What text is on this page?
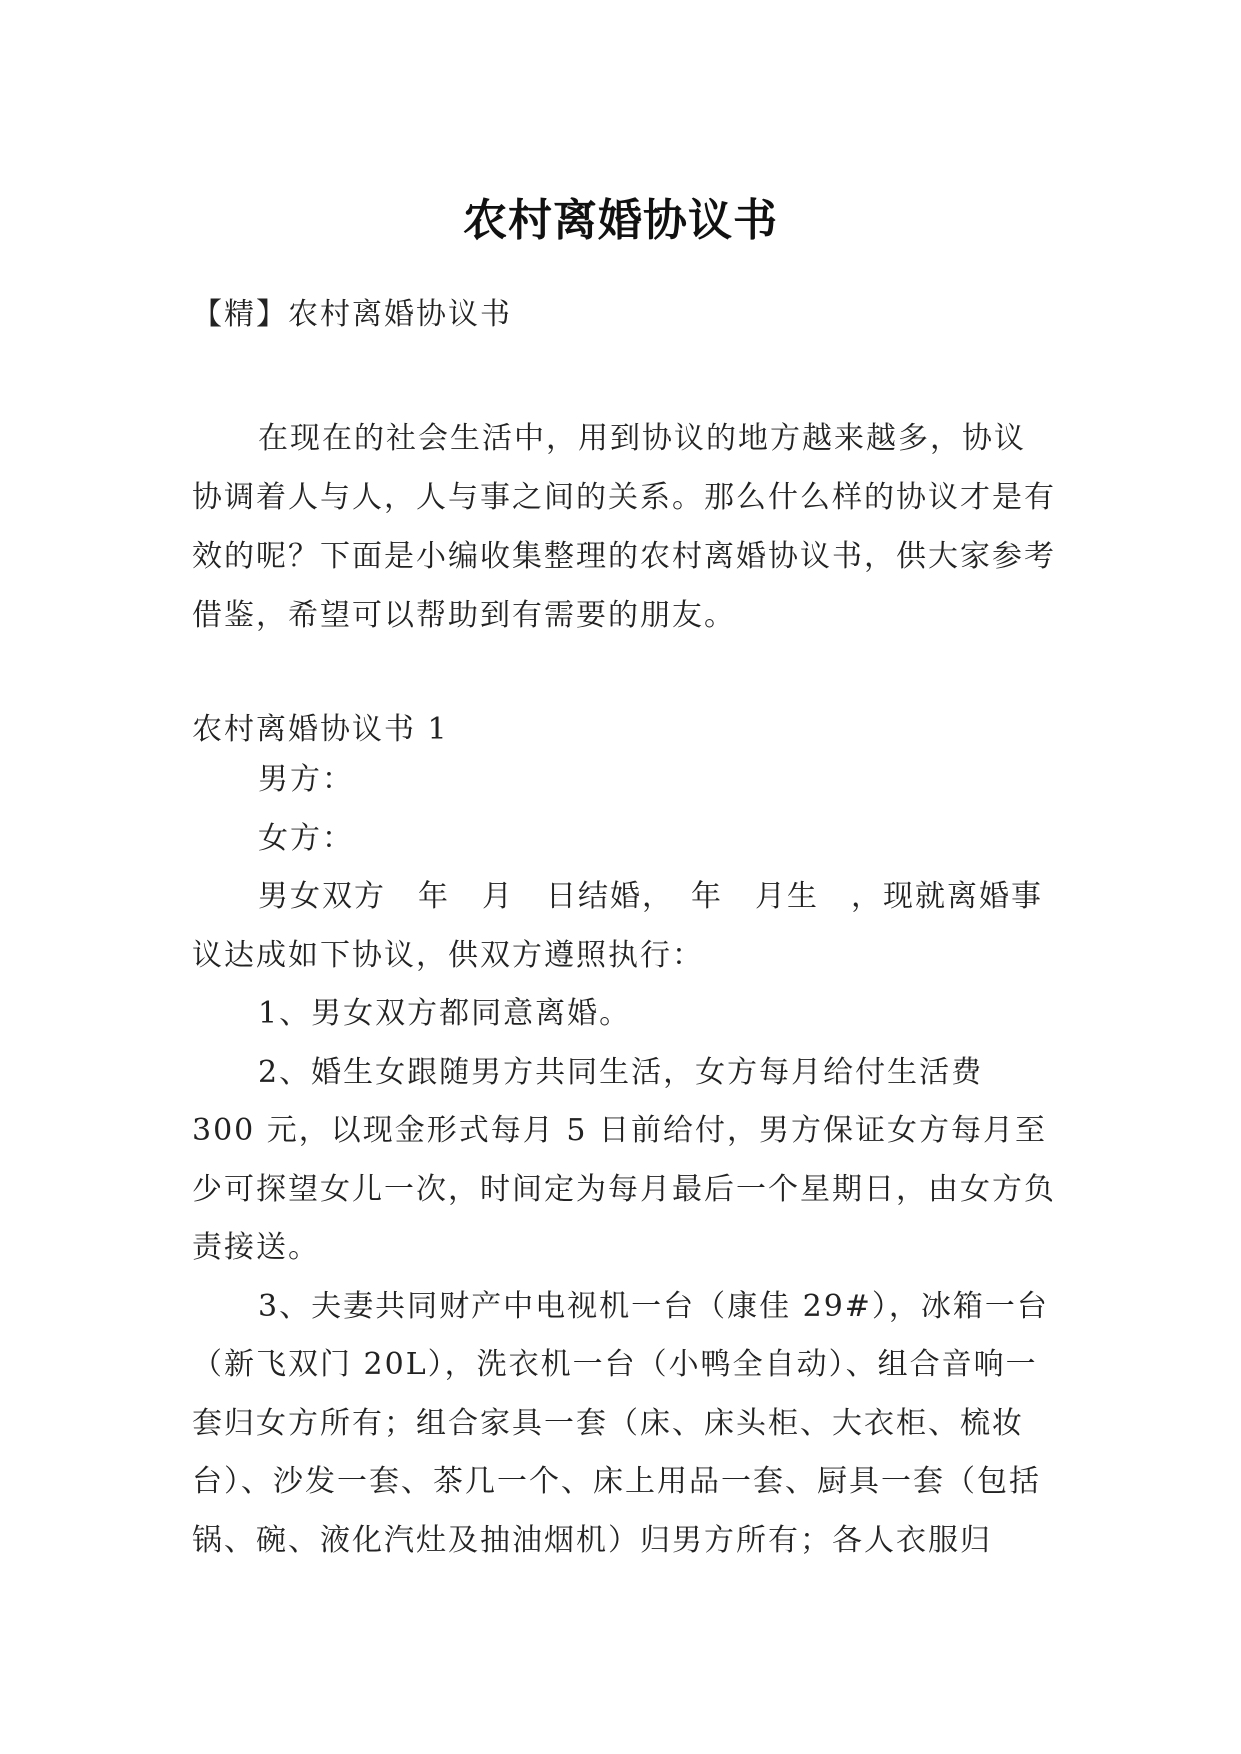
农村离婚协议书
【精】农村离婚协议书

在现在的社会生活中，用到协议的地方越来越多，协议协调着人与人，人与事之间的关系。那么什么样的协议才是有效的呢？下面是小编收集整理的农村离婚协议书，供大家参考借鉴，希望可以帮助到有需要的朋友。

农村离婚协议书 1

男方：

女方：

男女双方　年　月　日结婚，　年　月生　，现就离婚事议达成如下协议，供双方遵照执行：

1、男女双方都同意离婚。

2、婚生女跟随男方共同生活，女方每月给付生活费 300 元，以现金形式每月 5 日前给付，男方保证女方每月至少可探望女儿一次，时间定为每月最后一个星期日，由女方负责接送。

3、夫妻共同财产中电视机一台（康佳 29#），冰箱一台（新飞双门 20L），洗衣机一台（小鸭全自动）、组合音响一套归女方所有；组合家具一套（床、床头柜、大衣柜、梳妆台）、沙发一套、茶几一个、床上用品一套、厨具一套（包括锅、碗、液化汽灶及抽油烟机）归男方所有；各人衣服归
